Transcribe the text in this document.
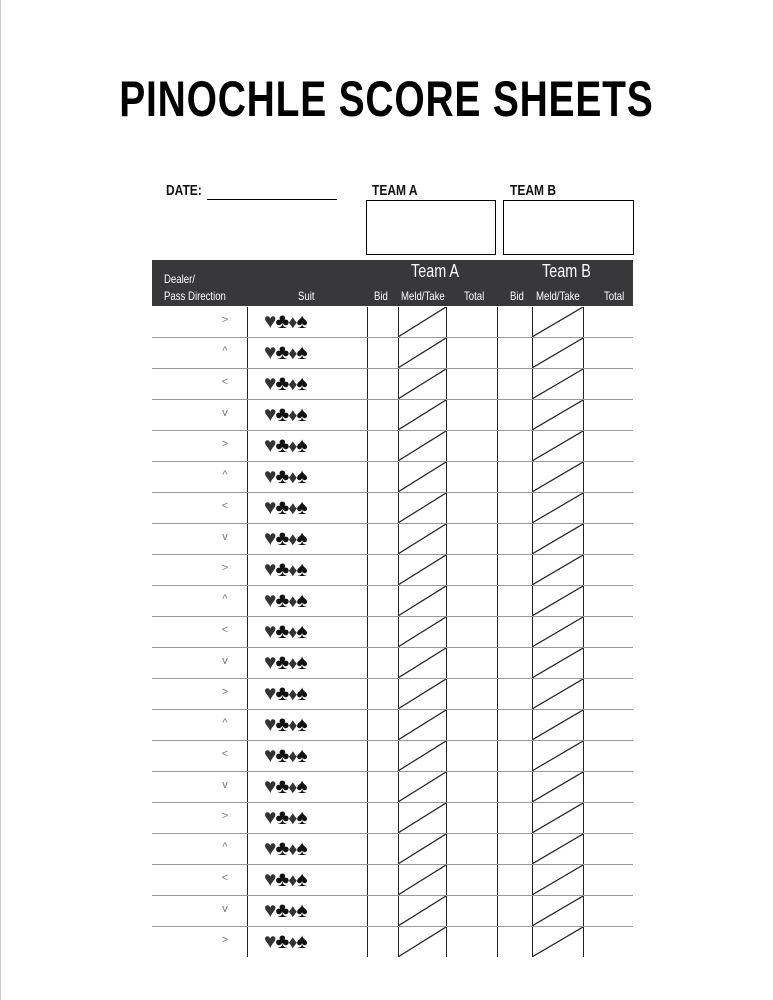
PINOCHLE SCORE SHEETS
DATE:	TEAM A	TEAM B
Dealer/
Pass Direction	Suit
Team A	Team B
Bid Meld/Take Total Bid Meld/Take Total
> ♥♣♦♠
^ ♥♣♦♠
< ♥♣♦♠
v ♥♣♦♠
> ♥♣♦♠
^ ♥♣♦♠
< ♥♣♦♠
v ♥♣♦♠
> ♥♣♦♠
^ ♥♣♦♠
< ♥♣♦♠
v ♥♣♦♠
> ♥♣♦♠
^ ♥♣♦♠
< ♥♣♦♠
v ♥♣♦♠
> ♥♣♦♠
^ ♥♣♦♠
< ♥♣♦♠
v ♥♣♦♠
> ♥♣♦♠
